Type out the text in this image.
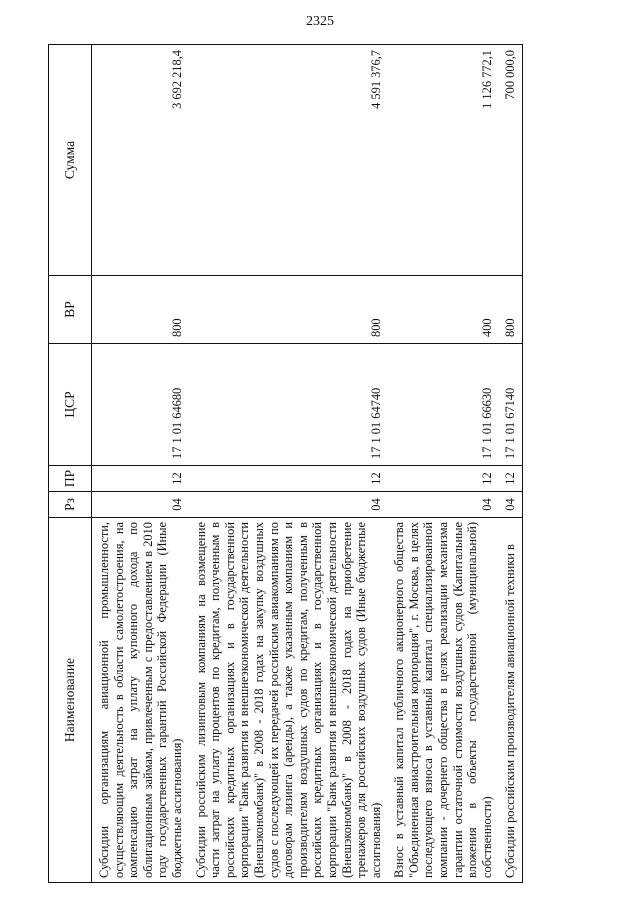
2325
Наименование	Рз	ПР	ЦСР	ВР	Сумма
Субсидии организациям авиационной промышленности, осуществляющим деятельность в области самолетостроения, на компенсацию затрат на уплату купонного дохода по облигационным займам, привлеченным с предоставлением в 2010 году государственных гарантий Российской Федерации (Иные бюджетные ассигнования)	04	12	17 1 01 64680	800	3 692 218,4
Субсидии российским лизинговым компаниям на возмещение части затрат на уплату процентов по кредитам, полученным в российских кредитных организациях и в государственной корпорации "Банк развития и внешнеэкономической деятельности (Внешэкономбанк)" в 2008 - 2018 годах на закупку воздушных судов с последующей их передачей российским авиакомпаниям по договорам лизинга (аренды), а также указанным компаниям и производителям воздушных судов по кредитам, полученным в российских кредитных организациях и в государственной корпорации "Банк развития и внешнеэкономической деятельности (Внешэкономбанк)" в 2008 - 2018 годах на приобретение тренажеров для российских воздушных судов (Иные бюджетные ассигнования)	04	12	17 1 01 64740	800	4 591 376,7
Взнос в уставный капитал публичного акционерного общества "Объединенная авиастроительная корпорация", г. Москва, в целях последующего взноса в уставный капитал специализированной компании - дочернего общества в целях реализации механизма гарантии остаточной стоимости воздушных судов (Капитальные вложения в объекты государственной (муниципальной) собственности)	04	12	17 1 01 66630	400	1 126 772,1
Субсидии российским производителям авиационной техники в	04	12	17 1 01 67140	800	700 000,0
